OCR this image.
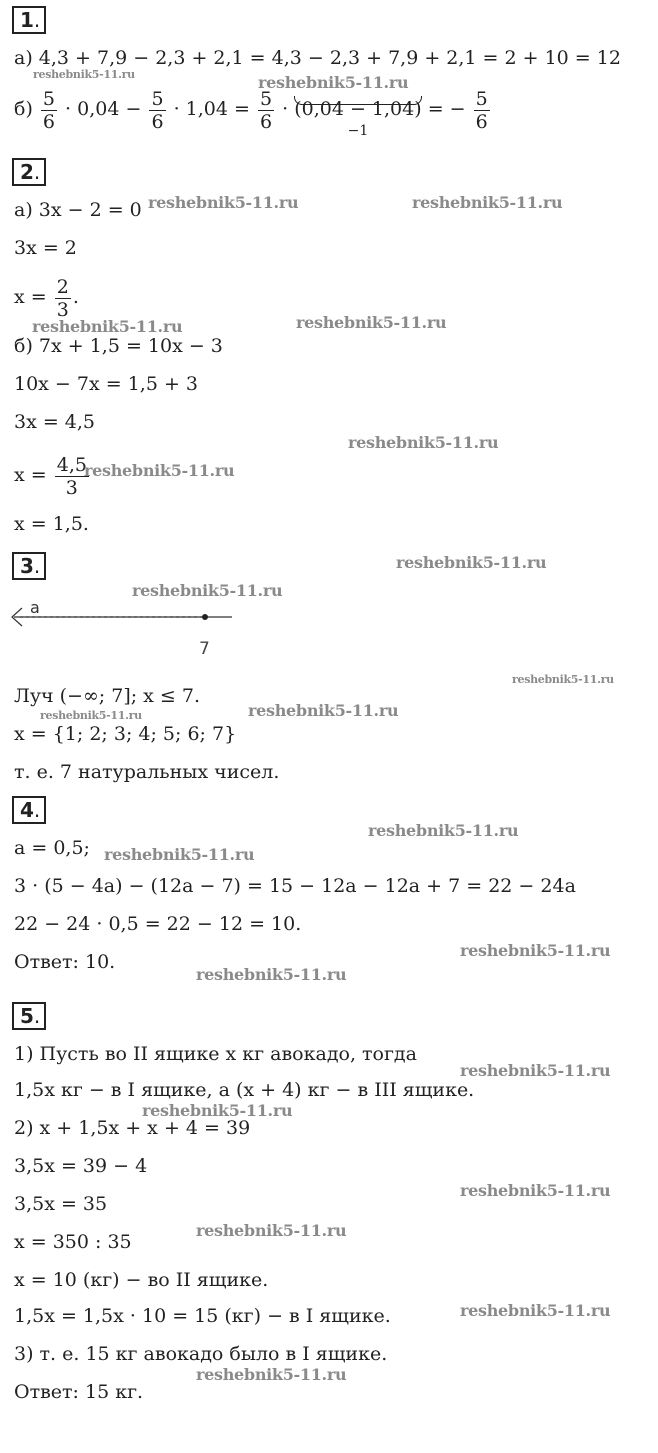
1.
а) 4,3 + 7,9 − 2,3 + 2,1 = 4,3 − 2,3 + 7,9 + 2,1 = 2 + 10 = 12
$б) \frac{5}{6} \cdot 0,04 - \frac{5}{6} \cdot 1,04 = \frac{5}{6} \cdot (0,04 - 1,04)$
−1
= − $\frac{5}{6}$
2.
а) 3x − 2 = 0
3x = 2
$x = \frac{2}{3}$ .
б) 7x + 1,5 = 10x − 3
10x − 7x = 1,5 + 3
3x = 4,5
$x = \frac{4,5}{3}$
x = 1,5.
3.
a
7
Луч (−∞; 7]; x ≤ 7.
x = {1; 2; 3; 4; 5; 6; 7}
т. е. 7 натуральных чисел.
4.
a = 0,5;
3 · (5 − 4a) − (12a − 7) = 15 − 12a − 12a + 7 = 22 − 24a
22 − 24 · 0,5 = 22 − 12 = 10.
Ответ: 10.
5.
1) Пусть во II ящике x кг авокадо, тогда
1,5x кг − в I ящике, а (x + 4) кг − в III ящике.
2) x + 1,5x + x + 4 = 39
3,5x = 39 − 4
3,5x = 35
x = 350 : 35
x = 10 (кг) − во II ящике.
1,5x = 1,5x · 10 = 15 (кг) − в I ящике.
3) т. е. 15 кг авокадо было в I ящике.
Ответ: 15 кг.
reshebnik5-11.ru	reshebnik5-11.ru
reshebnik5-11.ru	reshebnik5-11.ru
reshebnik5-11.ru	reshebnik5-11.ru
reshebnik5-11.ru
reshebnik5-11.ru
reshebnik5-11.ru
reshebnik5-11.ru
reshebnik5-11.ru
reshebnik5-11.ru	reshebnik5-11.ru
reshebnik5-11.ru
reshebnik5-11.ru
reshebnik5-11.ru
reshebnik5-11.ru
reshebnik5-11.ru
reshebnik5-11.ru
reshebnik5-11.ru
reshebnik5-11.ru
reshebnik5-11.ru
reshebnik5-11.ru
